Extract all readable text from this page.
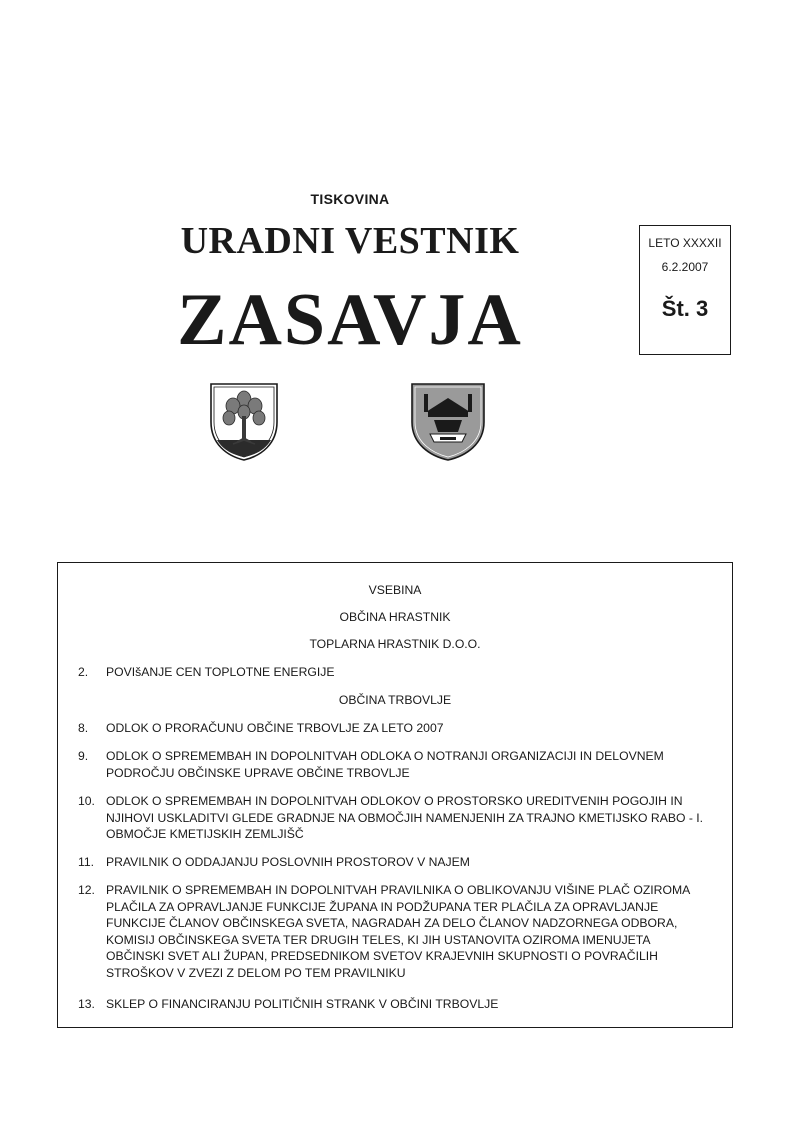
TISKOVINA
URADNI VESTNIK
ZASAVJA
LETO XXXXII
6.2.2007
Št. 3
VSEBINA
OBČINA HRASTNIK
TOPLARNA HRASTNIK D.O.O.
2.	POVIšANJE CEN TOPLOTNE ENERGIJE
OBČINA TRBOVLJE
8.	ODLOK O PRORAČUNU OBČINE TRBOVLJE ZA LETO 2007
9.	ODLOK O SPREMEMBAH IN DOPOLNITVAH ODLOKA O NOTRANJI ORGANIZACIJI IN DELOVNEM PODROČJU OBČINSKE UPRAVE OBČINE TRBOVLJE
10. ODLOK O SPREMEMBAH IN DOPOLNITVAH ODLOKOV O PROSTORSKO UREDITVENIH POGOJIH IN NJIHOVI USKLADITVI GLEDE GRADNJE NA OBMOČJIH NAMENJENIH ZA TRAJNO KMETIJSKO RABO - I. OBMOČJE KMETIJSKIH ZEMLJIŠČ
11. PRAVILNIK O ODDAJANJU POSLOVNIH PROSTOROV V NAJEM
12. PRAVILNIK O SPREMEMBAH IN DOPOLNITVAH PRAVILNIKA O OBLIKOVANJU VIŠINE PLAČ OZIROMA PLAČILA ZA OPRAVLJANJE FUNKCIJE ŽUPANA IN PODŽUPANA TER PLAČILA ZA OPRAVLJANJE FUNKCIJE ČLANOV OBČINSKEGA SVETA, NAGRADAH ZA DELO ČLANOV NADZORNEGA ODBORA, KOMISIJ OBČINSKEGA SVETA TER DRUGIH TELES, KI JIH USTANOVITA OZIROMA IMENUJETA OBČINSKI SVET ALI ŽUPAN, PREDSEDNIKOM SVETOV KRAJEVNIH SKUPNOSTI O POVRAČILIH STROŠKOV V ZVEZI Z DELOM PO TEM PRAVILNIKU
13. SKLEP O FINANCIRANJU POLITIČNIH STRANK V OBČINI TRBOVLJE
